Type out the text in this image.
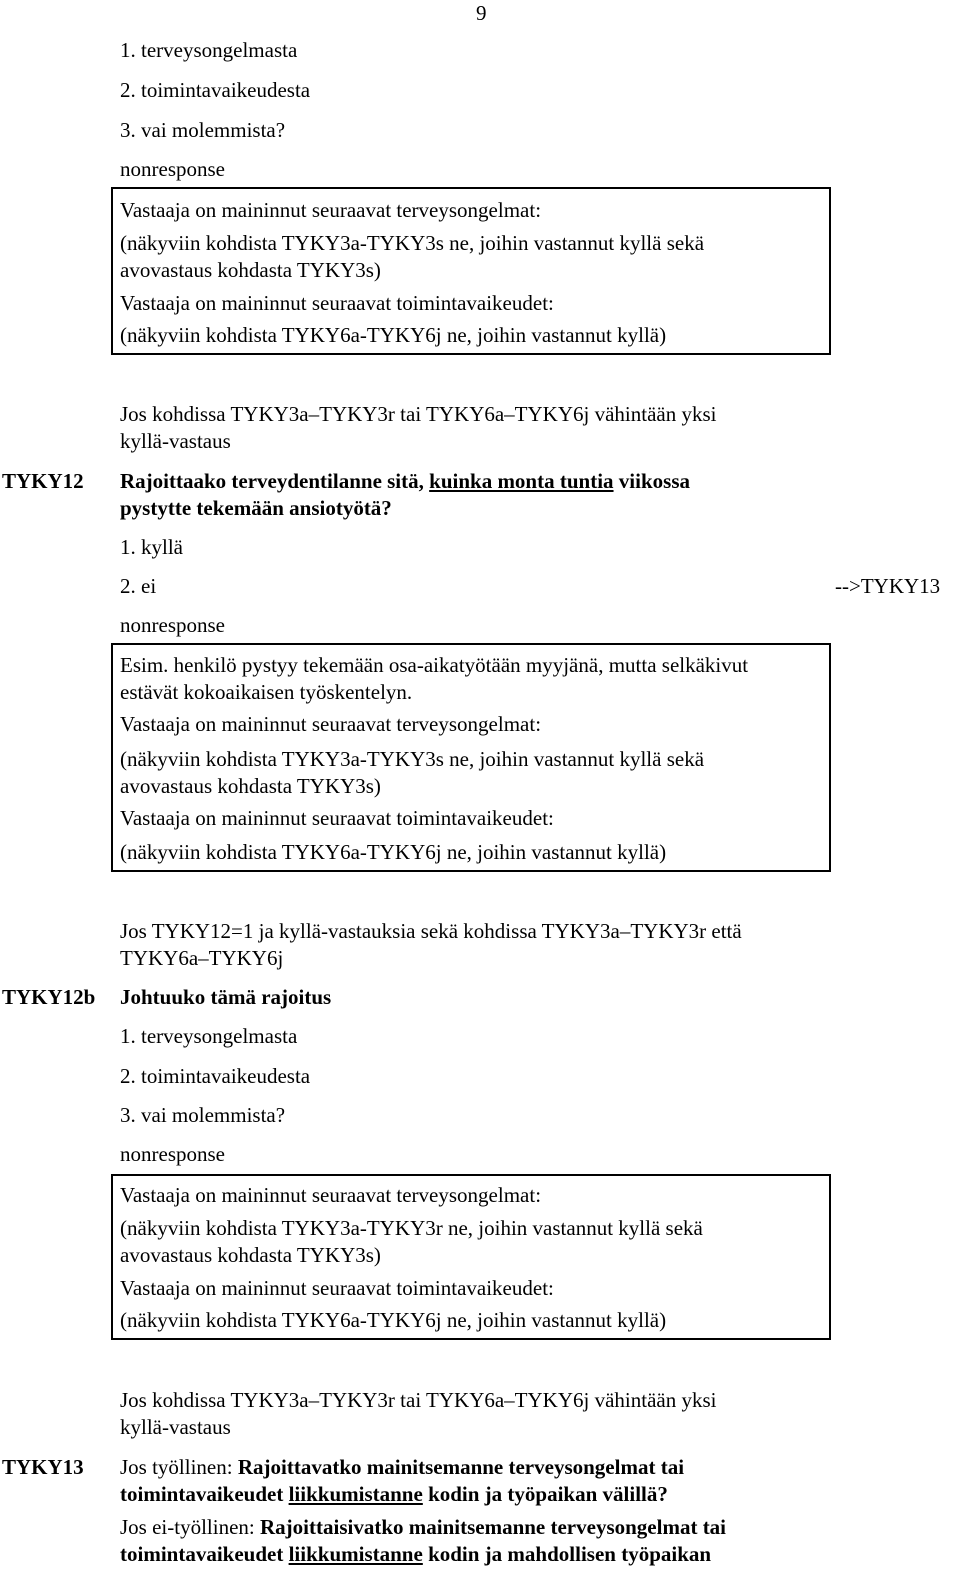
9
1. terveysongelmasta
2. toimintavaikeudesta
3. vai molemmista?
nonresponse
Vastaaja on maininnut seuraavat terveysongelmat:
(näkyviin kohdista TYKY3a-TYKY3s ne, joihin vastannut kyllä sekä
avovastaus kohdasta TYKY3s)
Vastaaja on maininnut seuraavat toimintavaikeudet:
(näkyviin kohdista TYKY6a-TYKY6j ne, joihin vastannut kyllä)
Jos kohdissa TYKY3a–TYKY3r tai TYKY6a–TYKY6j vähintään yksi
kyllä-vastaus
TYKY12 Rajoittaako terveydentilanne sitä, kuinka monta tuntia viikossa
pystytte tekemään ansiotyötä?
1. kyllä
2. ei	-->TYKY13
nonresponse
Esim. henkilö pystyy tekemään osa-aikatyötään myyjänä, mutta selkäkivut
estävät kokoaikaisen työskentelyn.
Vastaaja on maininnut seuraavat terveysongelmat:
(näkyviin kohdista TYKY3a-TYKY3s ne, joihin vastannut kyllä sekä
avovastaus kohdasta TYKY3s)
Vastaaja on maininnut seuraavat toimintavaikeudet:
(näkyviin kohdista TYKY6a-TYKY6j ne, joihin vastannut kyllä)
Jos TYKY12=1 ja kyllä-vastauksia sekä kohdissa TYKY3a–TYKY3r että
TYKY6a–TYKY6j
TYKY12b Johtuuko tämä rajoitus
1. terveysongelmasta
2. toimintavaikeudesta
3. vai molemmista?
nonresponse
Vastaaja on maininnut seuraavat terveysongelmat:
(näkyviin kohdista TYKY3a-TYKY3r ne, joihin vastannut kyllä sekä
avovastaus kohdasta TYKY3s)
Vastaaja on maininnut seuraavat toimintavaikeudet:
(näkyviin kohdista TYKY6a-TYKY6j ne, joihin vastannut kyllä)
Jos kohdissa TYKY3a–TYKY3r tai TYKY6a–TYKY6j vähintään yksi
kyllä-vastaus
TYKY13 Jos työllinen: Rajoittavatko mainitsemanne terveysongelmat tai
toimintavaikeudet liikkumistanne kodin ja työpaikan välillä?
Jos ei-työllinen: Rajoittaisivatko mainitsemanne terveysongelmat tai
toimintavaikeudet liikkumistanne kodin ja mahdollisen työpaikan
